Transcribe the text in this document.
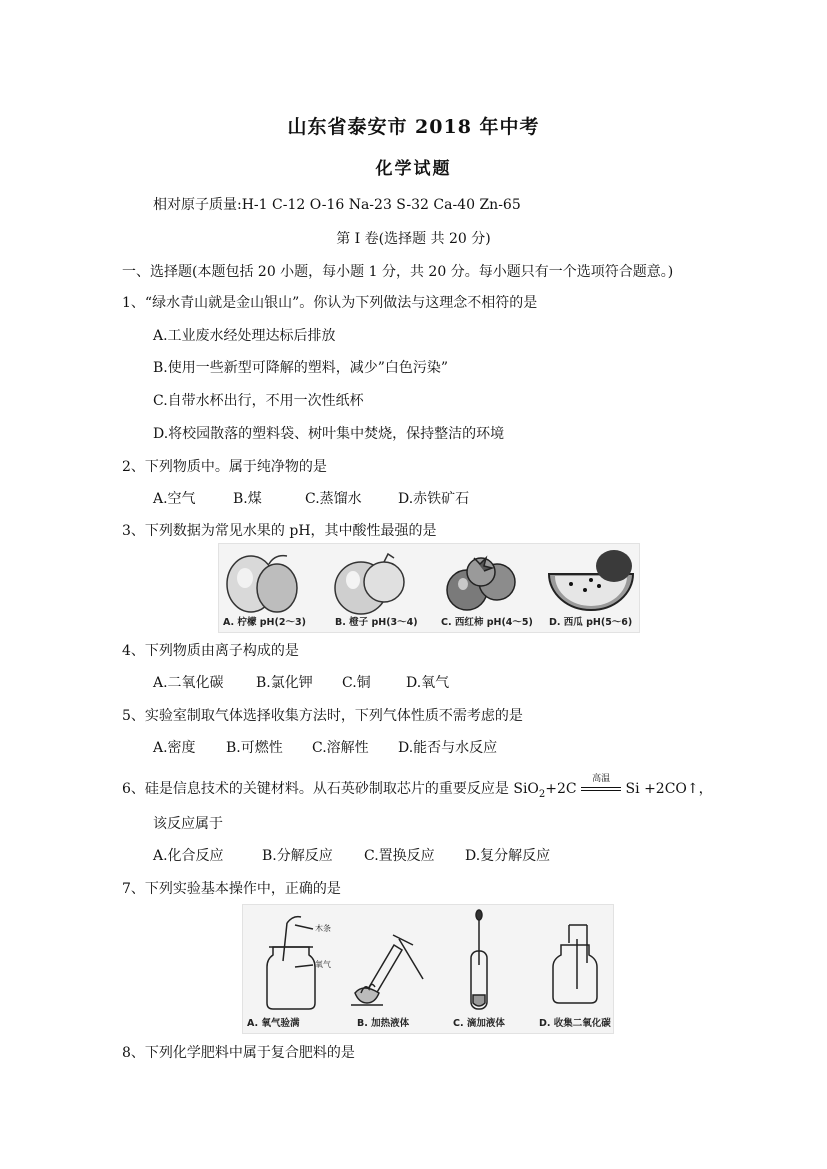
山东省泰安市 2018 年中考
化学试题
相对原子质量:H-1 C-12 O-16 Na-23 S-32 Ca-40 Zn-65
第 I 卷(选择题 共 20 分)
一、选择题(本题包括 20 小题，每小题 1 分，共 20 分。每小题只有一个选项符合题意。)
1、“绿水青山就是金山银山”。你认为下列做法与这理念不相符的是
A.工业废水经处理达标后排放
B.使用一些新型可降解的塑料，减少”白色污染”
C.自带水杯出行，不用一次性纸杯
D.将校园散落的塑料袋、树叶集中焚烧，保持整洁的环境
2、下列物质中。属于纯净物的是
A.空气	B.煤	C.蒸馏水	D.赤铁矿石
3、下列数据为常见水果的 pH，其中酸性最强的是
A. 柠檬 pH(2～3)	B. 橙子 pH(3～4) C. 西红柿 pH(4～5) D. 西瓜 pH(5～6)
4、下列物质由离子构成的是
A.二氧化碳 B.氯化钾 C.铜	D.氧气
5、实验室制取气体选择收集方法时，下列气体性质不需考虑的是
A.密度 B.可燃性 C.溶解性 D.能否与水反应
6、硅是信息技术的关键材料。从石英砂制取芯片的重要反应是 SiO$_2$+2C
高温
Si +2CO↑，
该反应属于
A.化合反应	B.分解反应 C.置换反应 D.复分解反应
7、下列实验基本操作中，正确的是
木条
氧气
A. 氧气验满	B. 加热液体	C. 滴加液体	D. 收集二氧化碳
8、下列化学肥料中属于复合肥料的是
